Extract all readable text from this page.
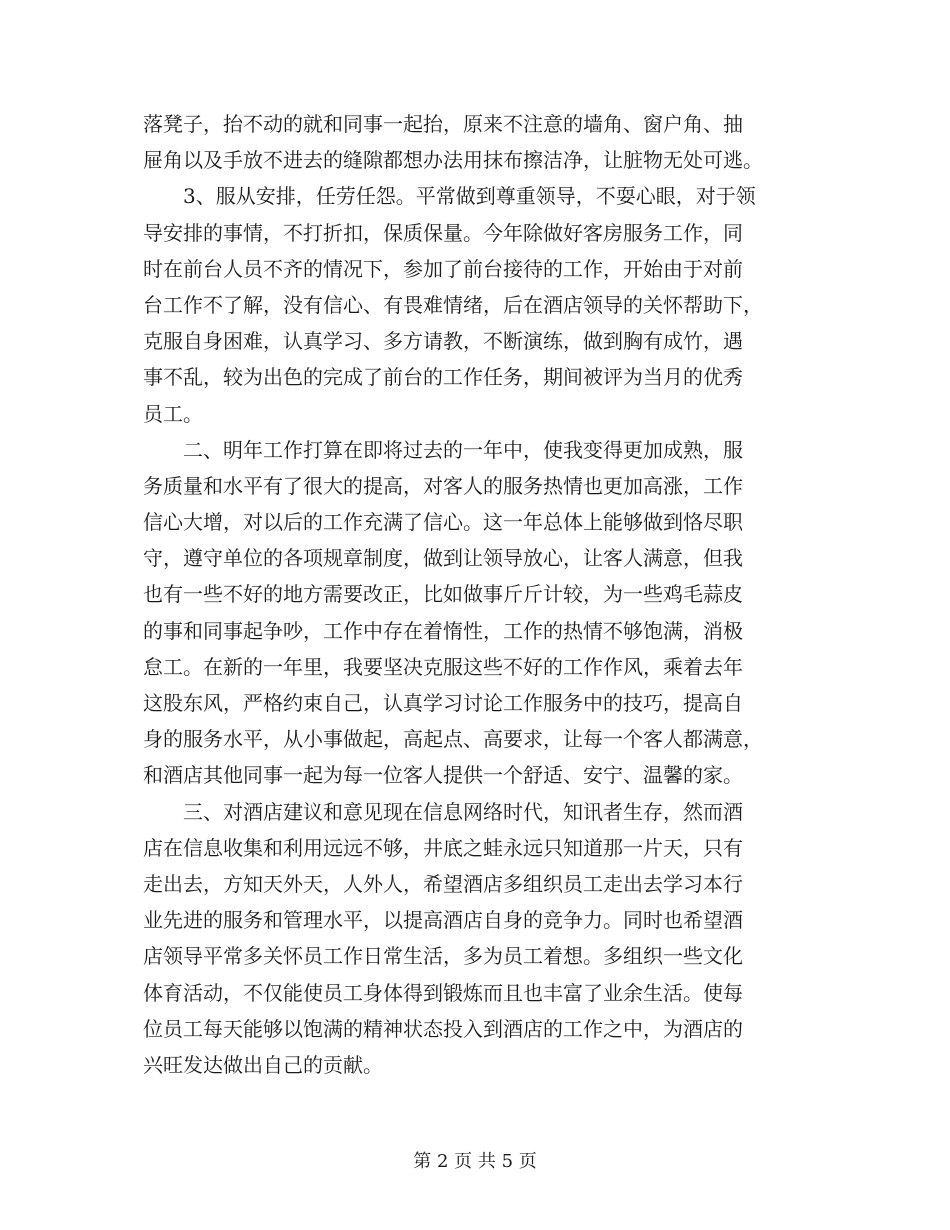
落凳子，抬不动的就和同事一起抬，原来不注意的墙角、窗户角、抽
屉角以及手放不进去的缝隙都想办法用抹布擦洁净，让脏物无处可逃。
　　3、服从安排，任劳任怨。平常做到尊重领导，不耍心眼，对于领
导安排的事情，不打折扣，保质保量。今年除做好客房服务工作，同
时在前台人员不齐的情况下，参加了前台接待的工作，开始由于对前
台工作不了解，没有信心、有畏难情绪，后在酒店领导的关怀帮助下，
克服自身困难，认真学习、多方请教，不断演练，做到胸有成竹，遇
事不乱，较为出色的完成了前台的工作任务，期间被评为当月的优秀
员工。
　　二、明年工作打算在即将过去的一年中，使我变得更加成熟，服
务质量和水平有了很大的提高，对客人的服务热情也更加高涨，工作
信心大增，对以后的工作充满了信心。这一年总体上能够做到恪尽职
守，遵守单位的各项规章制度，做到让领导放心，让客人满意，但我
也有一些不好的地方需要改正，比如做事斤斤计较，为一些鸡毛蒜皮
的事和同事起争吵，工作中存在着惰性，工作的热情不够饱满，消极
怠工。在新的一年里，我要坚决克服这些不好的工作作风，乘着去年
这股东风，严格约束自己，认真学习讨论工作服务中的技巧，提高自
身的服务水平，从小事做起，高起点、高要求，让每一个客人都满意，
和酒店其他同事一起为每一位客人提供一个舒适、安宁、温馨的家。
　　三、对酒店建议和意见现在信息网络时代，知讯者生存，然而酒
店在信息收集和利用远远不够，井底之蛙永远只知道那一片天，只有
走出去，方知天外天，人外人，希望酒店多组织员工走出去学习本行
业先进的服务和管理水平，以提高酒店自身的竞争力。同时也希望酒
店领导平常多关怀员工作日常生活，多为员工着想。多组织一些文化
体育活动，不仅能使员工身体得到锻炼而且也丰富了业余生活。使每
位员工每天能够以饱满的精神状态投入到酒店的工作之中，为酒店的
兴旺发达做出自己的贡献。
第 2 页 共 5 页
